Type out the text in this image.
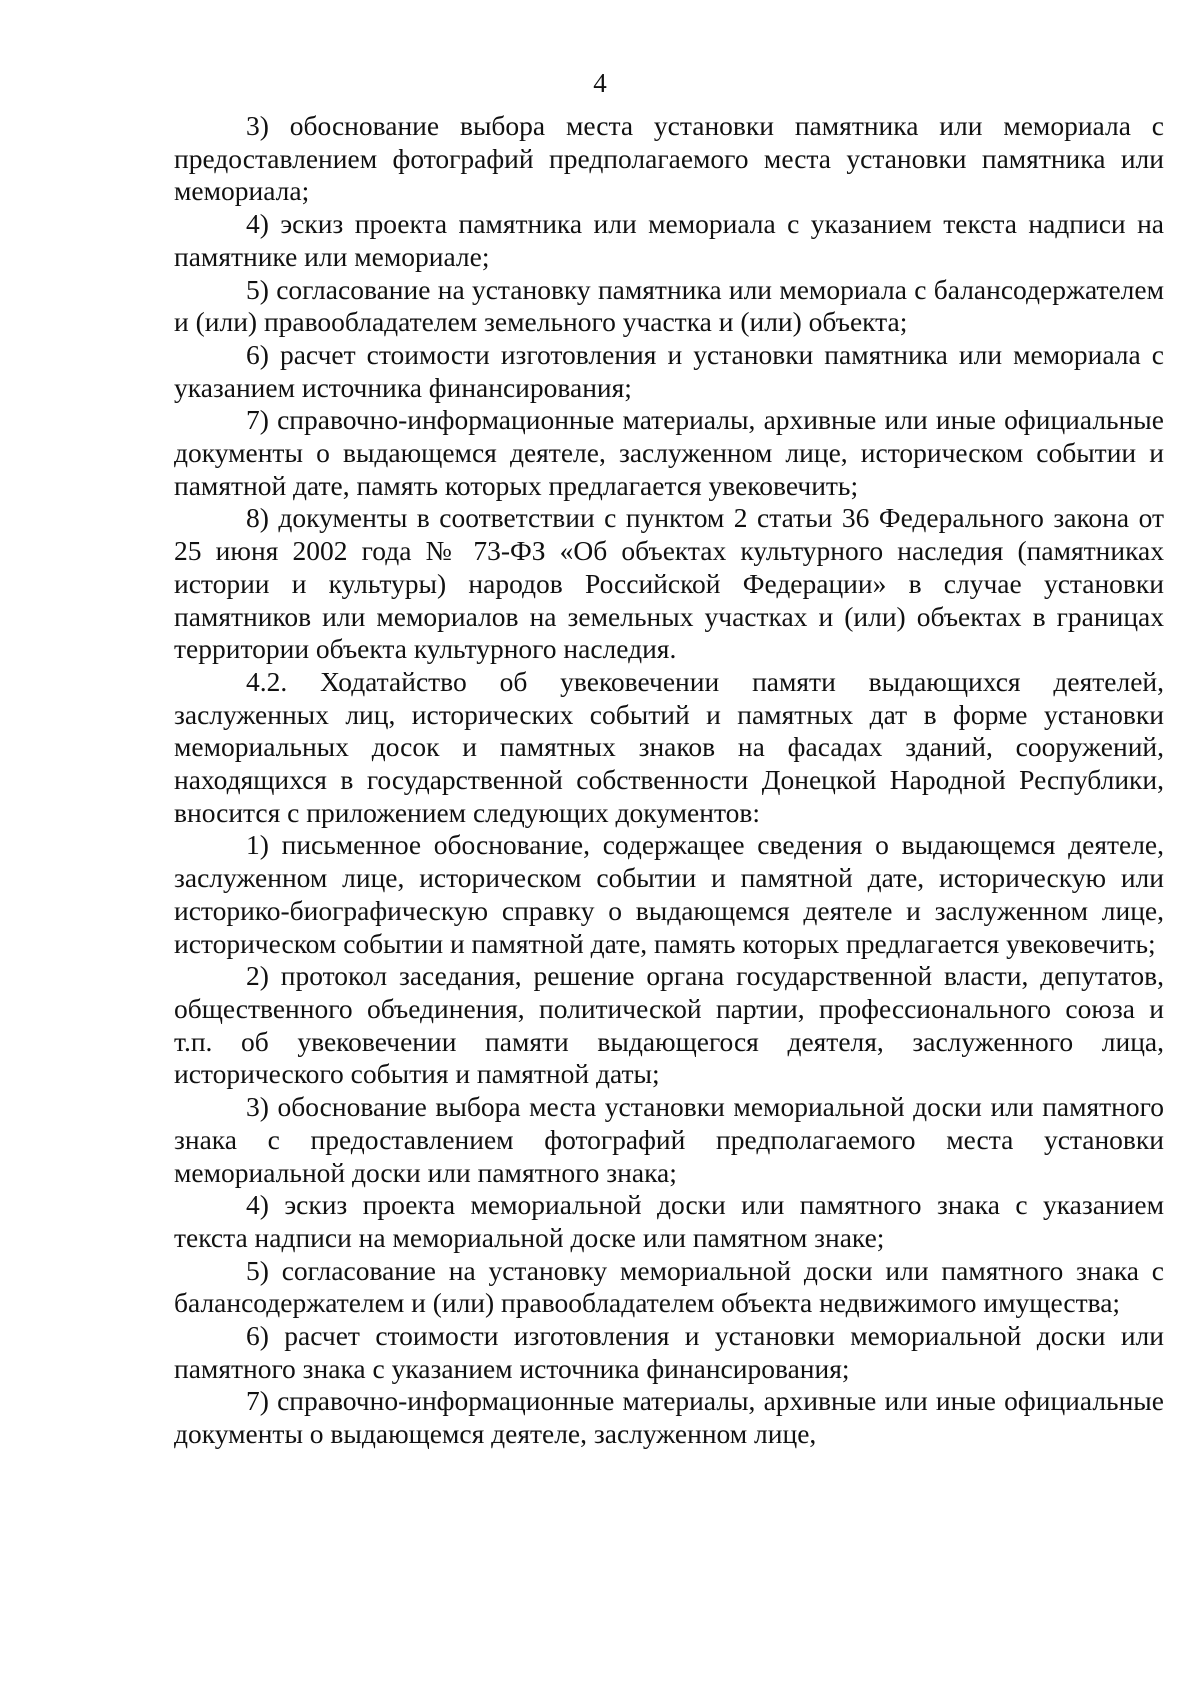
4

3) обоснование выбора места установки памятника или мемориала с предоставлением фотографий предполагаемого места установки памятника или мемориала;

4) эскиз проекта памятника или мемориала с указанием текста надписи на памятнике или мемориале;

5) согласование на установку памятника или мемориала с балансодержателем и (или) правообладателем земельного участка и (или) объекта;

6) расчет стоимости изготовления и установки памятника или мемориала с указанием источника финансирования;

7) справочно-информационные материалы, архивные или иные официальные документы о выдающемся деятеле, заслуженном лице, историческом событии и памятной дате, память которых предлагается увековечить;

8) документы в соответствии с пунктом 2 статьи 36 Федерального закона от 25 июня 2002 года № 73-ФЗ «Об объектах культурного наследия (памятниках истории и культуры) народов Российской Федерации» в случае установки памятников или мемориалов на земельных участках и (или) объектах в границах территории объекта культурного наследия.

4.2. Ходатайство об увековечении памяти выдающихся деятелей, заслуженных лиц, исторических событий и памятных дат в форме установки мемориальных досок и памятных знаков на фасадах зданий, сооружений, находящихся в государственной собственности Донецкой Народной Республики, вносится с приложением следующих документов:

1) письменное обоснование, содержащее сведения о выдающемся деятеле, заслуженном лице, историческом событии и памятной дате, историческую или историко-биографическую справку о выдающемся деятеле и заслуженном лице, историческом событии и памятной дате, память которых предлагается увековечить;

2) протокол заседания, решение органа государственной власти, депутатов, общественного объединения, политической партии, профессионального союза и т.п. об увековечении памяти выдающегося деятеля, заслуженного лица, исторического события и памятной даты;

3) обоснование выбора места установки мемориальной доски или памятного знака с предоставлением фотографий предполагаемого места установки мемориальной доски или памятного знака;

4) эскиз проекта мемориальной доски или памятного знака с указанием текста надписи на мемориальной доске или памятном знаке;

5) согласование на установку мемориальной доски или памятного знака с балансодержателем и (или) правообладателем объекта недвижимого имущества;

6) расчет стоимости изготовления и установки мемориальной доски или памятного знака с указанием источника финансирования;

7) справочно-информационные материалы, архивные или иные официальные документы о выдающемся деятеле, заслуженном лице,
